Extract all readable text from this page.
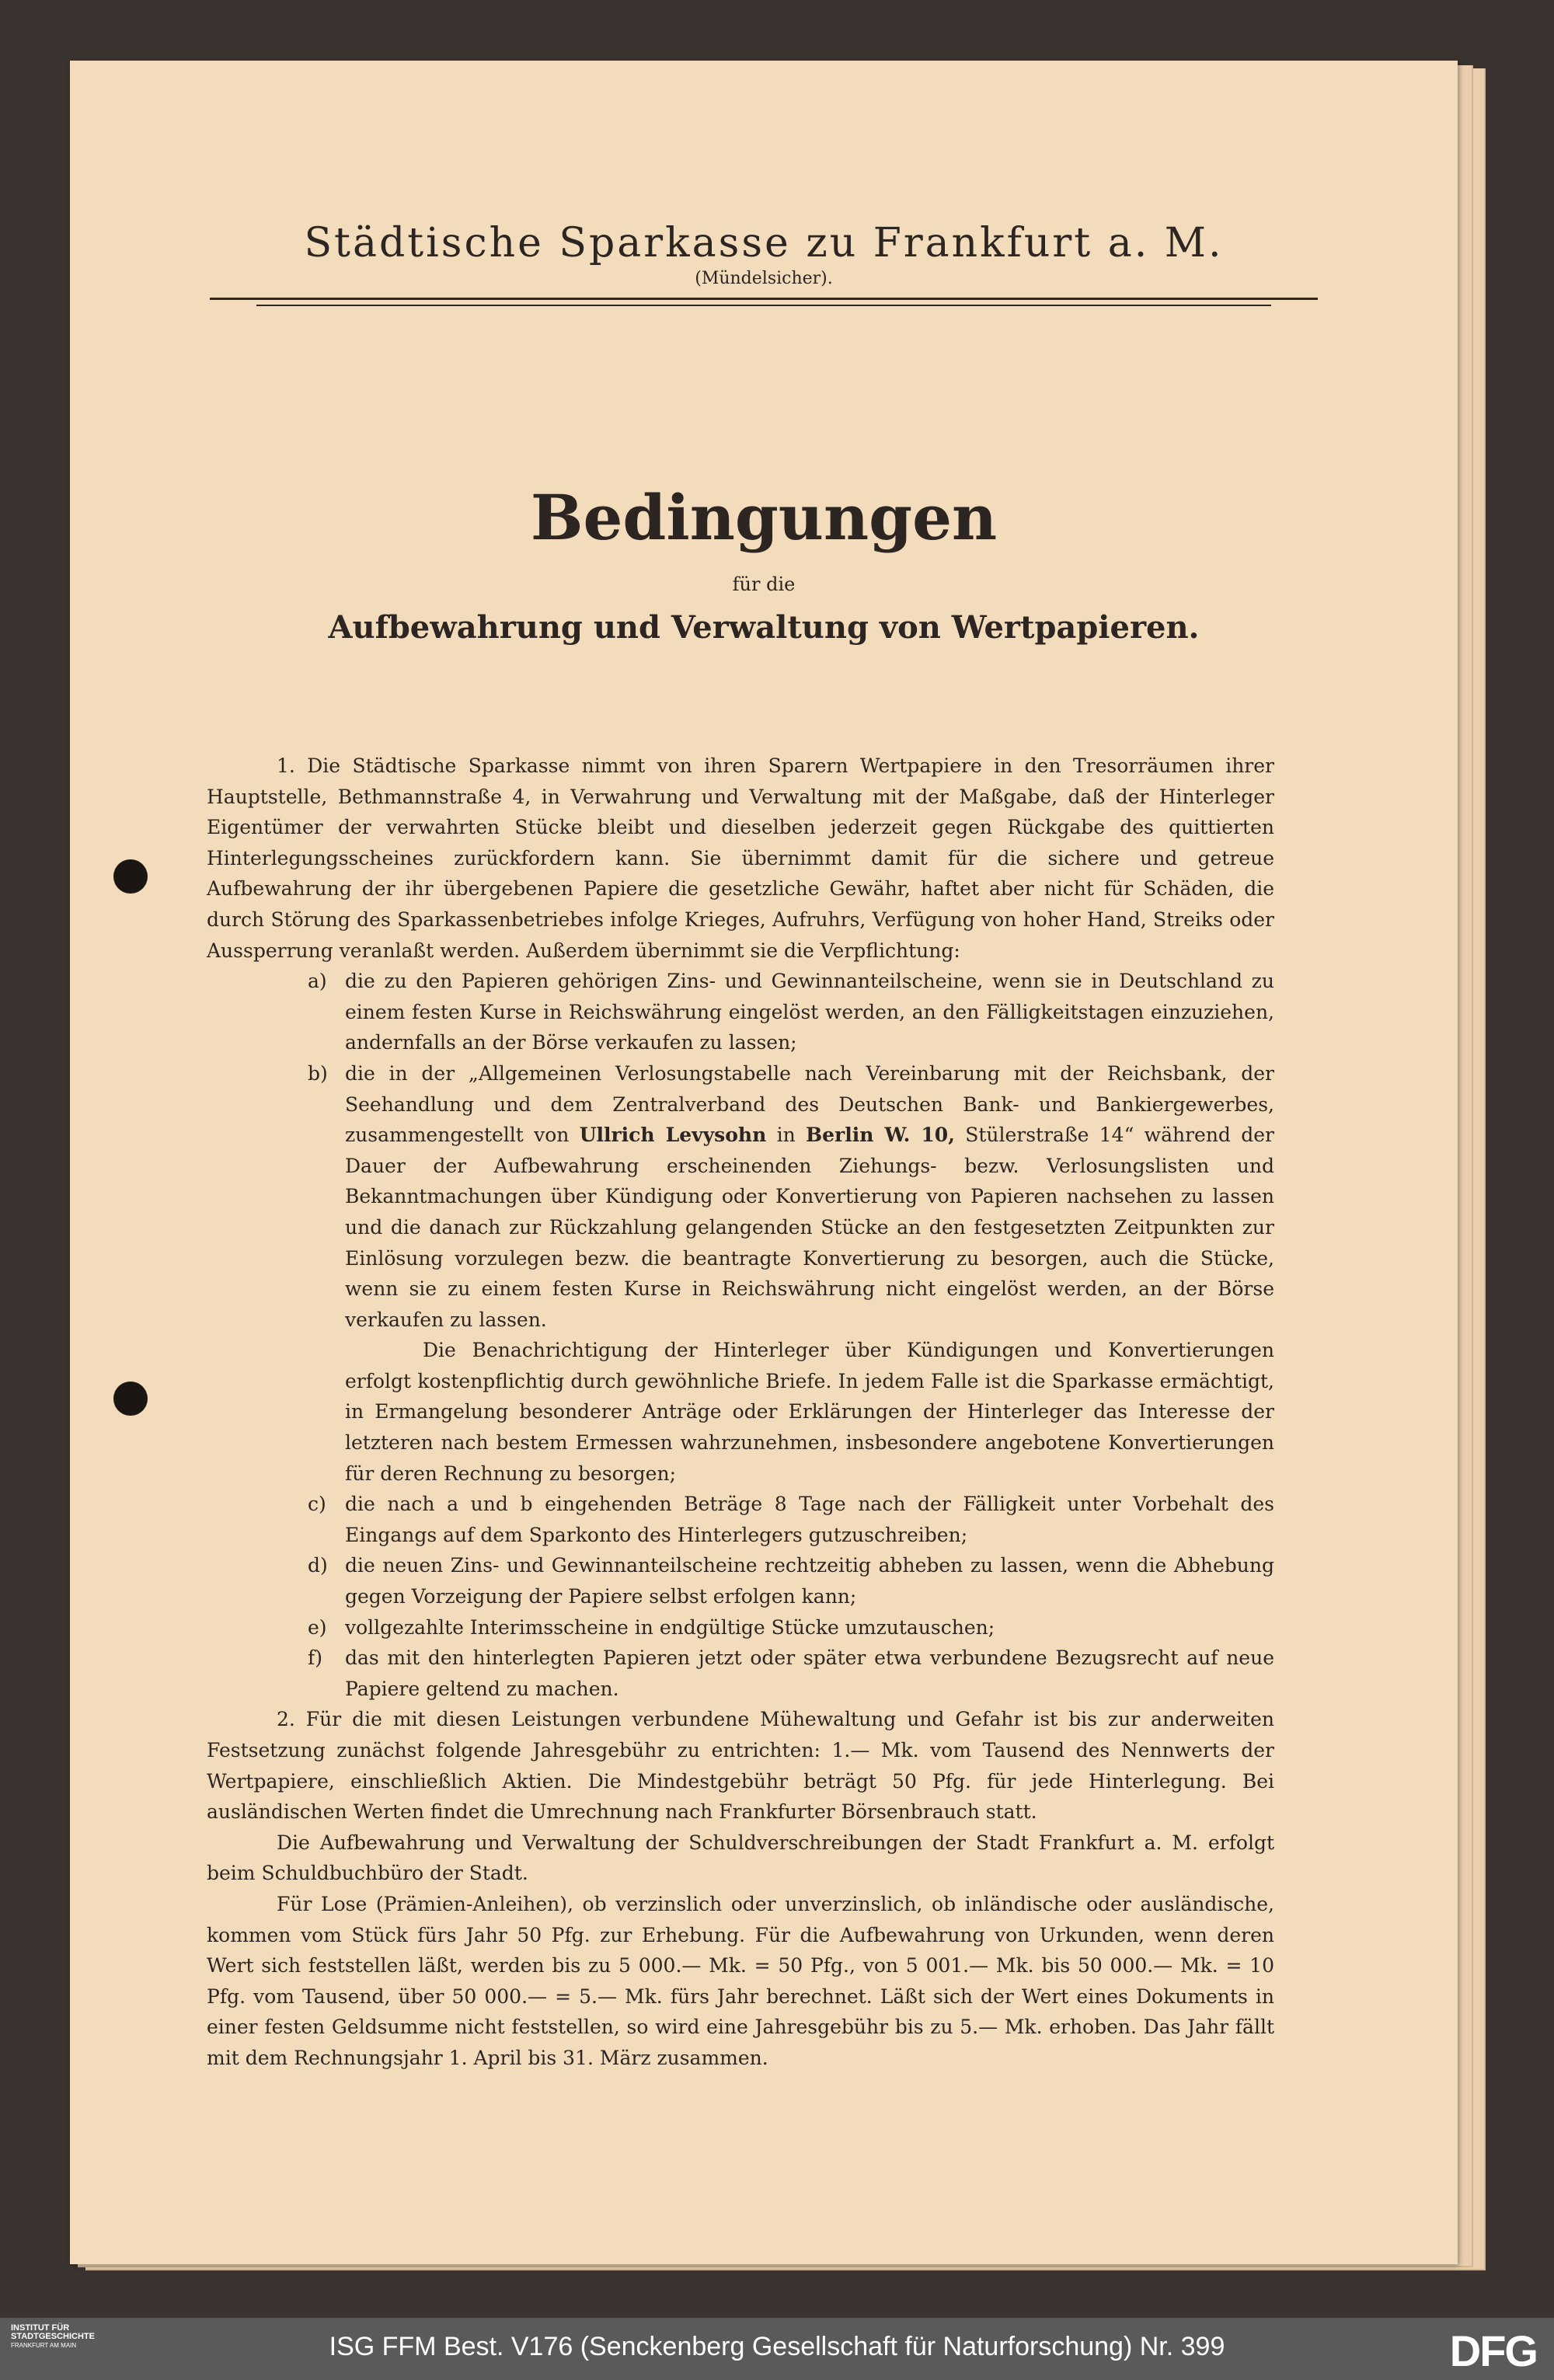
Städtische Sparkasse zu Frankfurt a. M.
(Mündelsicher).
Bedingungen
für die
Aufbewahrung und Verwaltung von Wertpapieren.

1. Die Städtische Sparkasse nimmt von ihren Sparern Wertpapiere in den Tresorräumen ihrer Hauptstelle, Bethmannstraße 4, in Verwahrung und Verwaltung mit der Maßgabe, daß der Hinterleger Eigentümer der verwahrten Stücke bleibt und dieselben jederzeit gegen Rückgabe des quittierten Hinterlegungsscheines zurückfordern kann. Sie übernimmt damit für die sichere und getreue Aufbewahrung der ihr übergebenen Papiere die gesetzliche Gewähr, haftet aber nicht für Schäden, die durch Störung des Sparkassenbetriebes infolge Krieges, Aufruhrs, Verfügung von hoher Hand, Streiks oder Aussperrung veranlaßt werden. Außerdem übernimmt sie die Verpflichtung:

a) die zu den Papieren gehörigen Zins- und Gewinnanteilscheine, wenn sie in Deutschland zu einem festen Kurse in Reichswährung eingelöst werden, an den Fälligkeitstagen einzuziehen, andernfalls an der Börse verkaufen zu lassen;
b) die in der „Allgemeinen Verlosungstabelle nach Vereinbarung mit der Reichsbank, der Seehandlung und dem Zentralverband des Deutschen Bank- und Bankiergewerbes, zusammengestellt von Ullrich Levysohn in Berlin W. 10, Stülerstraße 14“ während der Dauer der Aufbewahrung erscheinenden Ziehungs- bezw. Verlosungslisten und Bekanntmachungen über Kündigung oder Konvertierung von Papieren nachsehen zu lassen und die danach zur Rückzahlung gelangenden Stücke an den festgesetzten Zeitpunkten zur Einlösung vorzulegen bezw. die beantragte Konvertierung zu besorgen, auch die Stücke, wenn sie zu einem festen Kurse in Reichswährung nicht eingelöst werden, an der Börse verkaufen zu lassen.

Die Benachrichtigung der Hinterleger über Kündigungen und Konvertierungen erfolgt kostenpflichtig durch gewöhnliche Briefe. In jedem Falle ist die Sparkasse ermächtigt, in Ermangelung besonderer Anträge oder Erklärungen der Hinterleger das Interesse der letzteren nach bestem Ermessen wahrzunehmen, insbesondere angebotene Konvertierungen für deren Rechnung zu besorgen;

c) die nach a und b eingehenden Beträge 8 Tage nach der Fälligkeit unter Vorbehalt des Eingangs auf dem Sparkonto des Hinterlegers gutzuschreiben;
d) die neuen Zins- und Gewinnanteilscheine rechtzeitig abheben zu lassen, wenn die Abhebung gegen Vorzeigung der Papiere selbst erfolgen kann;
e) vollgezahlte Interimsscheine in endgültige Stücke umzutauschen;
f)	das mit den hinterlegten Papieren jetzt oder später etwa verbundene Bezugsrecht auf neue Papiere geltend zu machen.

2. Für die mit diesen Leistungen verbundene Mühewaltung und Gefahr ist bis zur anderweiten Festsetzung zunächst folgende Jahresgebühr zu entrichten: 1.— Mk. vom Tausend des Nennwerts der Wertpapiere, einschließlich Aktien. Die Mindestgebühr beträgt 50 Pfg. für jede Hinterlegung. Bei ausländischen Werten findet die Umrechnung nach Frankfurter Börsenbrauch statt.

Die Aufbewahrung und Verwaltung der Schuldverschreibungen der Stadt Frankfurt a. M. erfolgt beim Schuldbuchbüro der Stadt.

Für Lose (Prämien-Anleihen), ob verzinslich oder unverzinslich, ob inländische oder ausländische, kommen vom Stück fürs Jahr 50 Pfg. zur Erhebung. Für die Aufbewahrung von Urkunden, wenn deren Wert sich feststellen läßt, werden bis zu 5 000.— Mk. = 50 Pfg., von 5 001.— Mk. bis 50 000.— Mk. = 10 Pfg. vom Tausend, über 50 000.— = 5.— Mk. fürs Jahr berechnet. Läßt sich der Wert eines Dokuments in einer festen Geldsumme nicht feststellen, so wird eine Jahresgebühr bis zu 5.— Mk. erhoben. Das Jahr fällt mit dem Rechnungsjahr 1. April bis 31. März zusammen.

INSTITUT FÜR
STADTGESCHICHTE
FRANKFURT AM MAIN	ISG FFM Best. V176 (Senckenberg Gesellschaft für Naturforschung) Nr. 399	DFG
